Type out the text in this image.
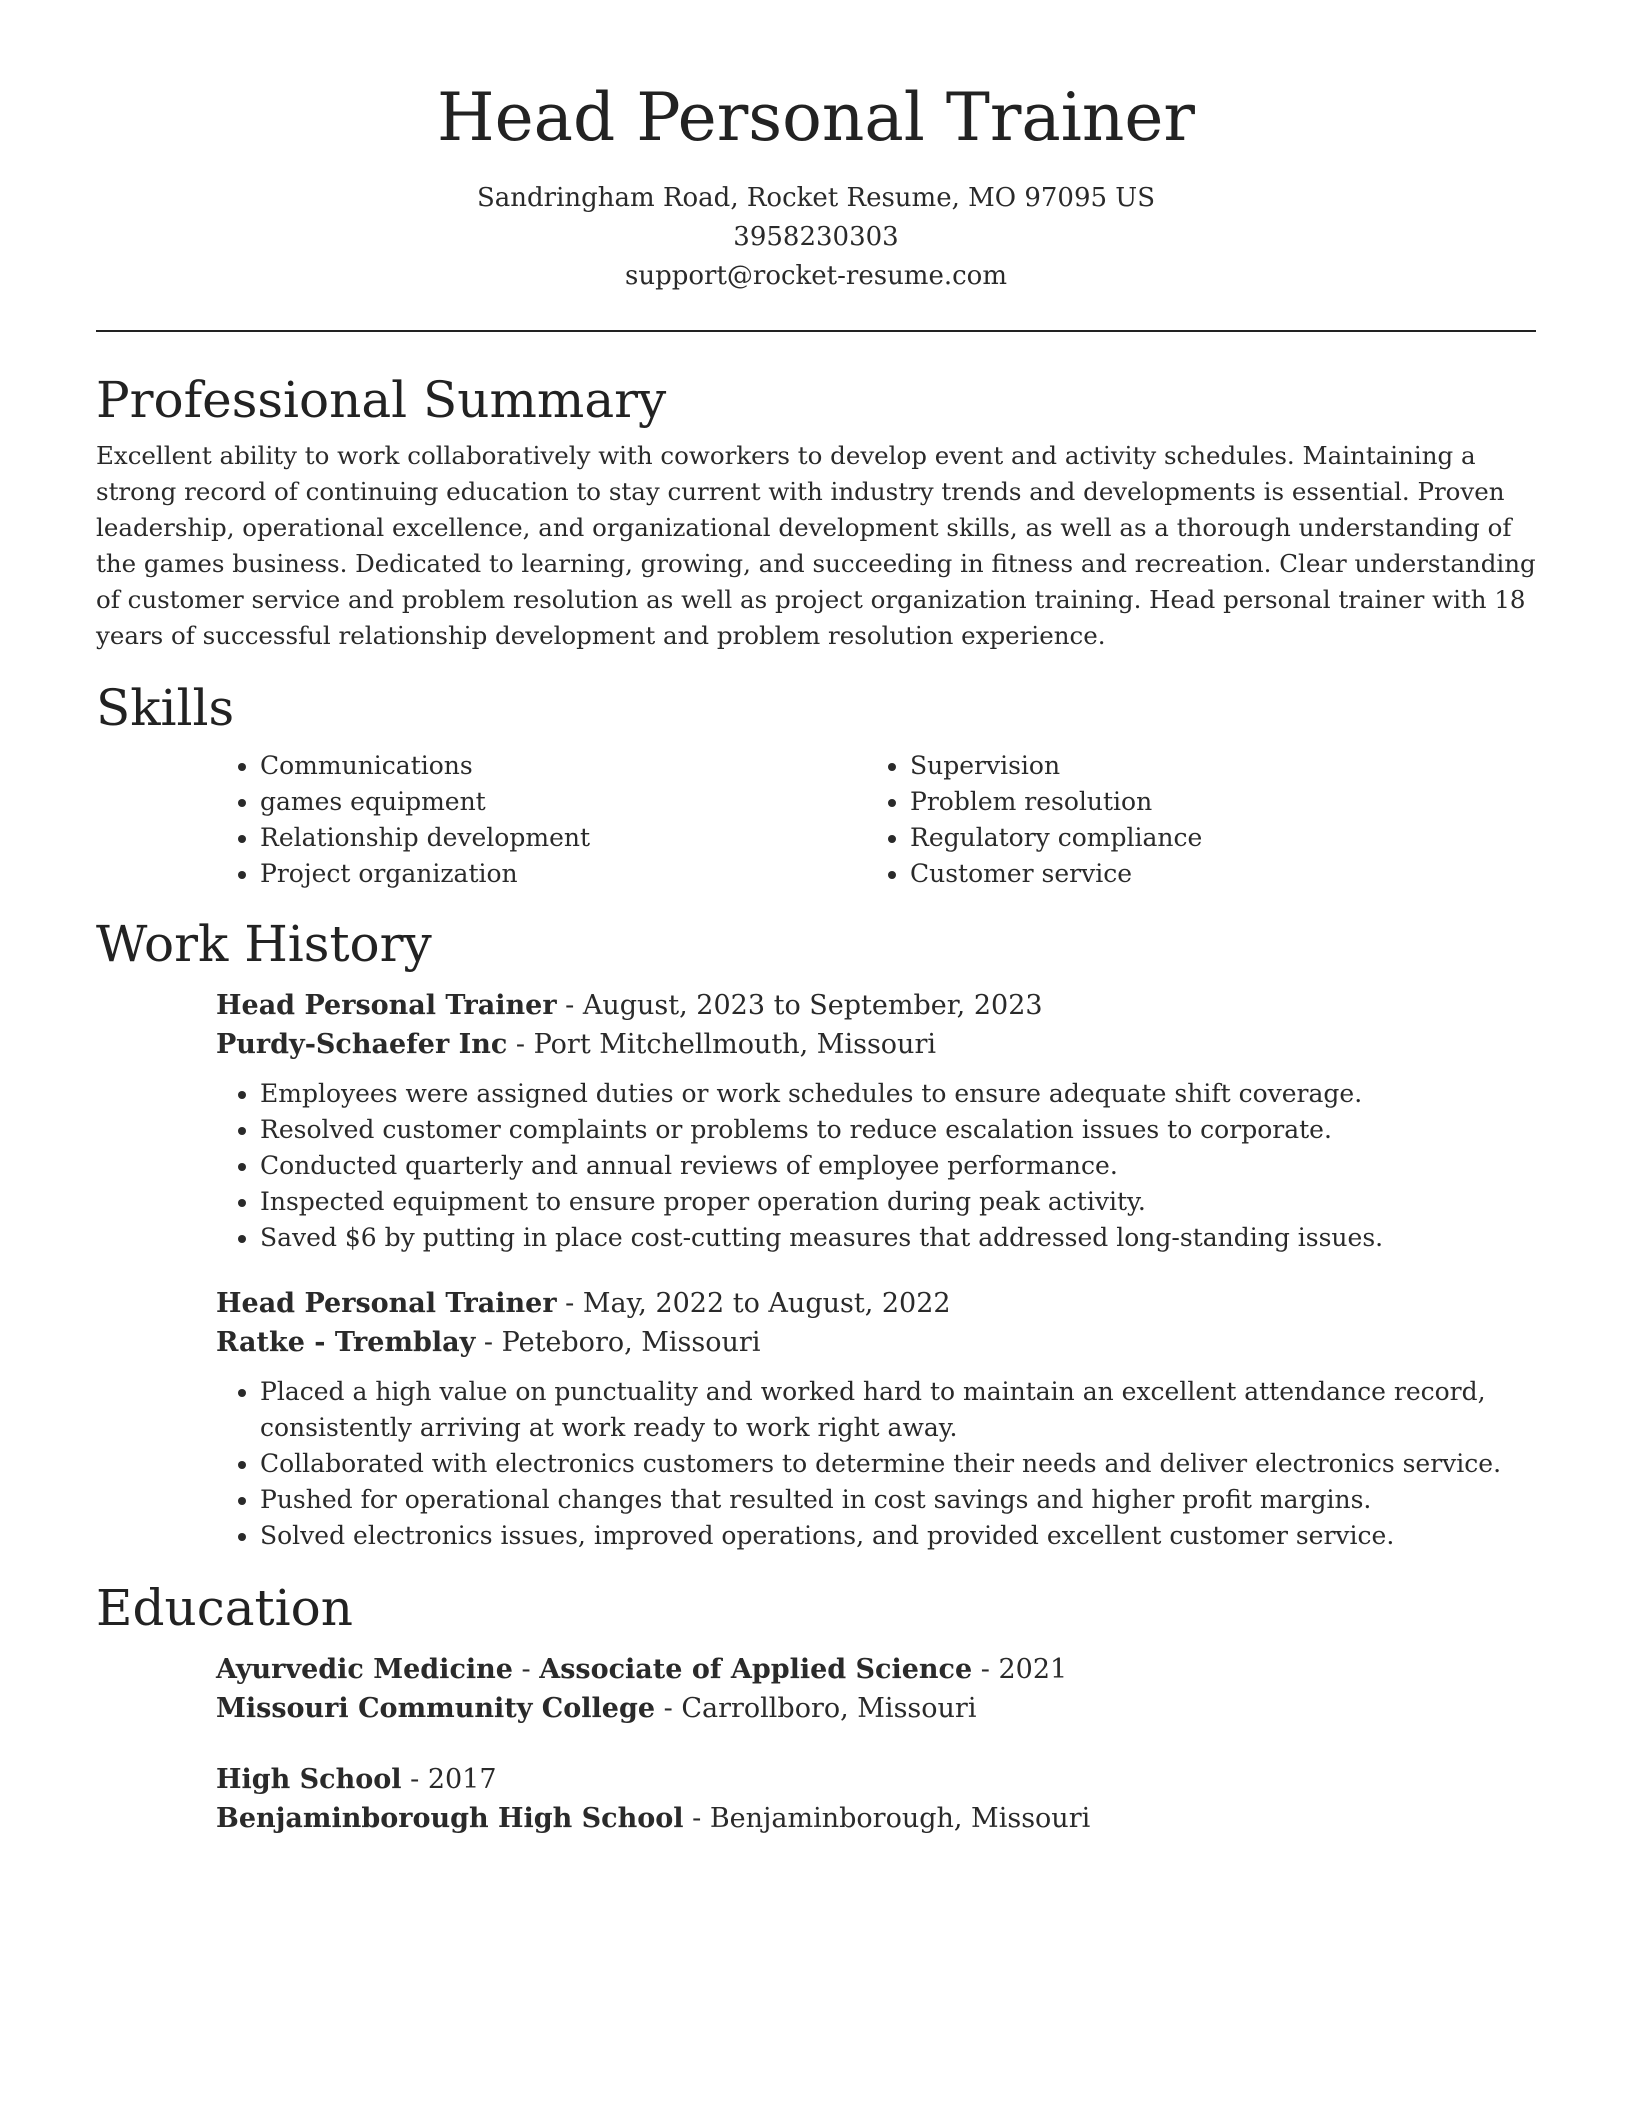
Head Personal Trainer
Sandringham Road, Rocket Resume, MO 97095 US
3958230303
support@rocket-resume.com
Professional Summary

Excellent ability to work collaboratively with coworkers to develop event and activity schedules. Maintaining a strong record of continuing education to stay current with industry trends and developments is essential. Proven leadership, operational excellence, and organizational development skills, as well as a thorough understanding of the games business. Dedicated to learning, growing, and succeeding in fitness and recreation. Clear understanding of customer service and problem resolution as well as project organization training. Head personal trainer with 18 years of successful relationship development and problem resolution experience.

Skills
• Communications
• games equipment
• Relationship development
• Project organization
• Supervision
• Problem resolution
• Regulatory compliance
• Customer service
Work History
Head Personal Trainer - August, 2023 to September, 2023
Purdy-Schaefer Inc - Port Mitchellmouth, Missouri
• Employees were assigned duties or work schedules to ensure adequate shift coverage.
• Resolved customer complaints or problems to reduce escalation issues to corporate.
• Conducted quarterly and annual reviews of employee performance.
• Inspected equipment to ensure proper operation during peak activity.
• Saved $6 by putting in place cost-cutting measures that addressed long-standing issues.
Head Personal Trainer - May, 2022 to August, 2022
Ratke - Tremblay - Peteboro, Missouri
• Placed a high value on punctuality and worked hard to maintain an excellent attendance record, consistently arriving at work ready to work right away.
• Collaborated with electronics customers to determine their needs and deliver electronics service.
• Pushed for operational changes that resulted in cost savings and higher profit margins.
• Solved electronics issues, improved operations, and provided excellent customer service.
Education
Ayurvedic Medicine - Associate of Applied Science - 2021
Missouri Community College - Carrollboro, Missouri
High School - 2017
Benjaminborough High School - Benjaminborough, Missouri
